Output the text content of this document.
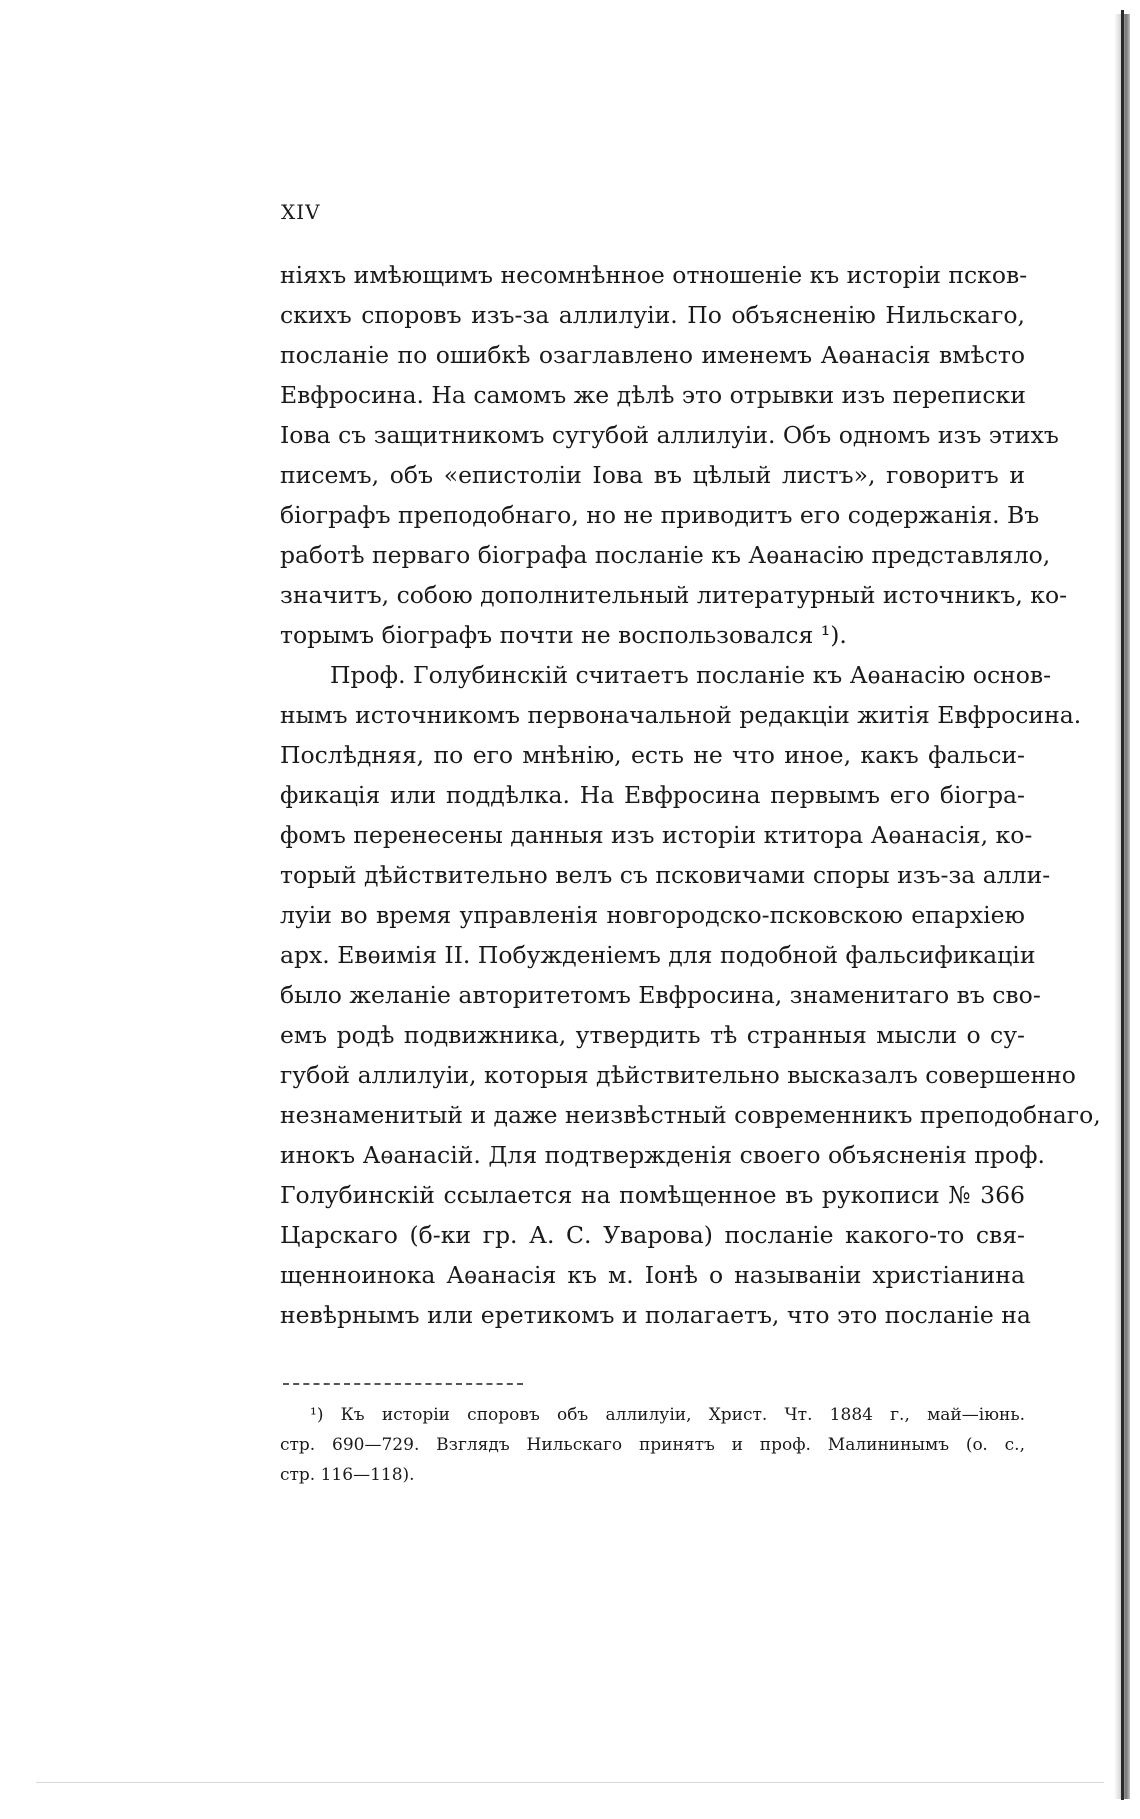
XIV
ніяхъ имѣющимъ несомнѣнное отношеніе къ исторіи псков-
скихъ споровъ изъ-за аллилуіи. По объясненію Нильскаго,
посланіе по ошибкѣ озаглавлено именемъ Аѳанасія вмѣсто
Евфросина. На самомъ же дѣлѣ это отрывки изъ переписки
Іова съ защитникомъ сугубой аллилуіи. Объ одномъ изъ этихъ
писемъ, объ «епистоліи Іова въ цѣлый листъ», говоритъ и
біографъ преподобнаго, но не приводитъ его содержанія. Въ
работѣ перваго біографа посланіе къ Аѳанасію представляло,
значитъ, собою дополнительный литературный источникъ, ко-
торымъ біографъ почти не воспользовался ¹).
Проф. Голубинскій считаетъ посланіе къ Аѳанасію основ-
нымъ источникомъ первоначальной редакціи житія Евфросина.
Послѣдняя, по его мнѣнію, есть не что иное, какъ фальси-
фикація или поддѣлка. На Евфросина первымъ его біогра-
фомъ перенесены данныя изъ исторіи ктитора Аѳанасія, ко-
торый дѣйствительно велъ съ псковичами споры изъ-за алли-
луіи во время управленія новгородско-псковскою епархіею
арх. Евѳимія II. Побужденіемъ для подобной фальсификаціи
было желаніе авторитетомъ Евфросина, знаменитаго въ сво-
емъ родѣ подвижника, утвердить тѣ странныя мысли о су-
губой аллилуіи, которыя дѣйствительно высказалъ совершенно
незнаменитый и даже неизвѣстный современникъ преподобнаго,
инокъ Аѳанасій. Для подтвержденія своего объясненія проф.
Голубинскій ссылается на помѣщенное въ рукописи № 366
Царскаго (б-ки гр. А. С. Уварова) посланіе какого-то свя-
щенноинока Аѳанасія къ м. Іонѣ о называніи христіанина
невѣрнымъ или еретикомъ и полагаетъ, что это посланіе на
¹) Къ исторіи споровъ объ аллилуіи, Христ. Чт. 1884 г., май—іюнь.
стр. 690—729. Взглядъ Нильскаго принятъ и проф. Малининымъ (o. с.,
стр. 116—118).
